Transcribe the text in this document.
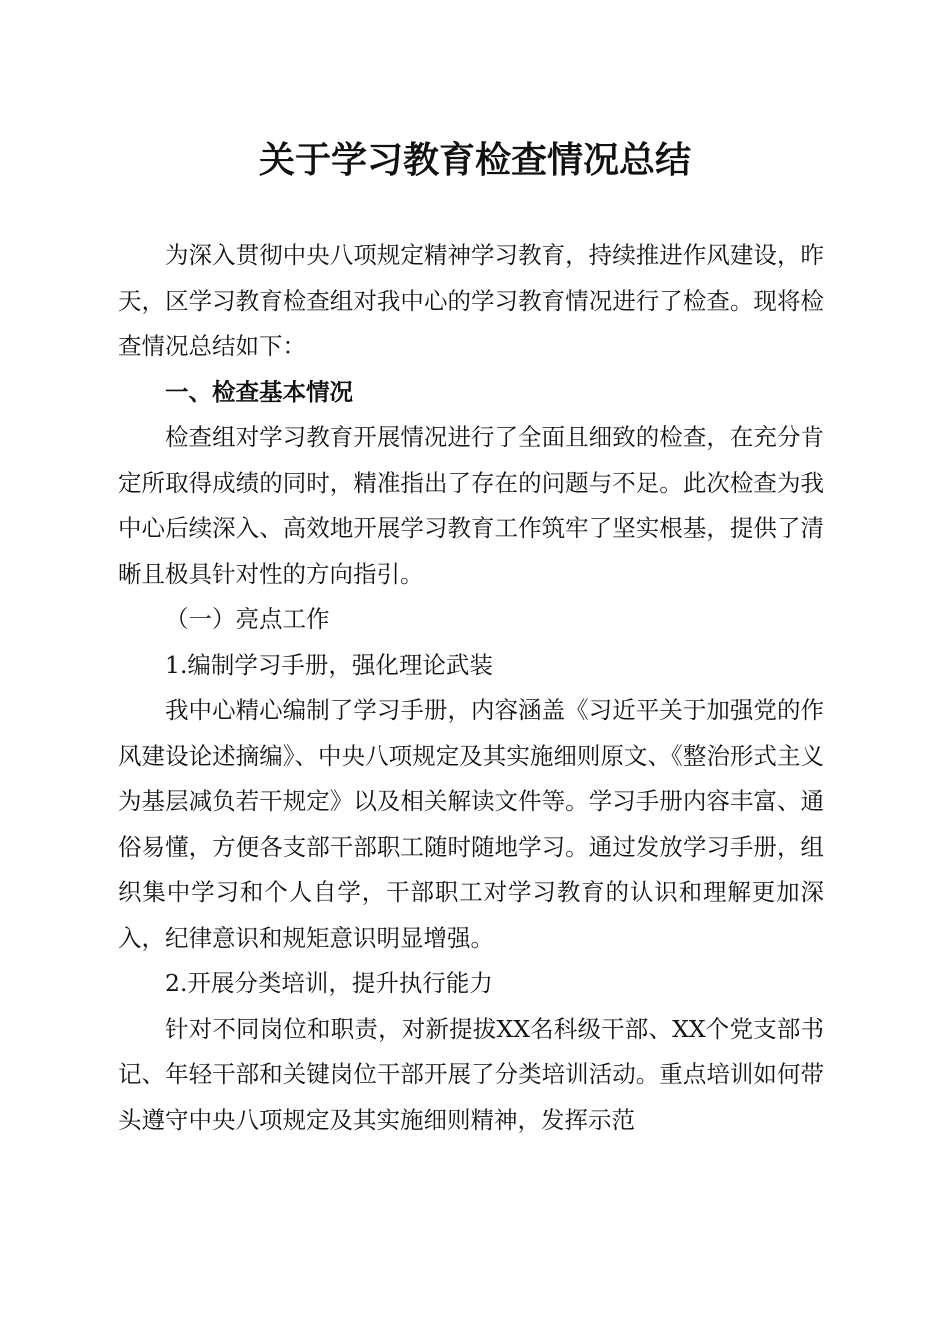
关于学习教育检查情况总结

为深入贯彻中央八项规定精神学习教育，持续推进作风建设，昨天，区学习教育检查组对我中心的学习教育情况进行了检查。现将检查情况总结如下：

一、检查基本情况

检查组对学习教育开展情况进行了全面且细致的检查，在充分肯定所取得成绩的同时，精准指出了存在的问题与不足。此次检查为我中心后续深入、高效地开展学习教育工作筑牢了坚实根基，提供了清晰且极具针对性的方向指引。

（一）亮点工作
1.编制学习手册，强化理论武装

我中心精心编制了学习手册，内容涵盖《习近平关于加强党的作风建设论述摘编》、中央八项规定及其实施细则原文、《整治形式主义为基层减负若干规定》以及相关解读文件等。学习手册内容丰富、通俗易懂，方便各支部干部职工随时随地学习。通过发放学习手册，组织集中学习和个人自学，干部职工对学习教育的认识和理解更加深入，纪律意识和规矩意识明显增强。

2.开展分类培训，提升执行能力

针对不同岗位和职责，对新提拔XX名科级干部、XX个党支部书记、年轻干部和关键岗位干部开展了分类培训活动。重点培训如何带头遵守中央八项规定及其实施细则精神，发挥示范
